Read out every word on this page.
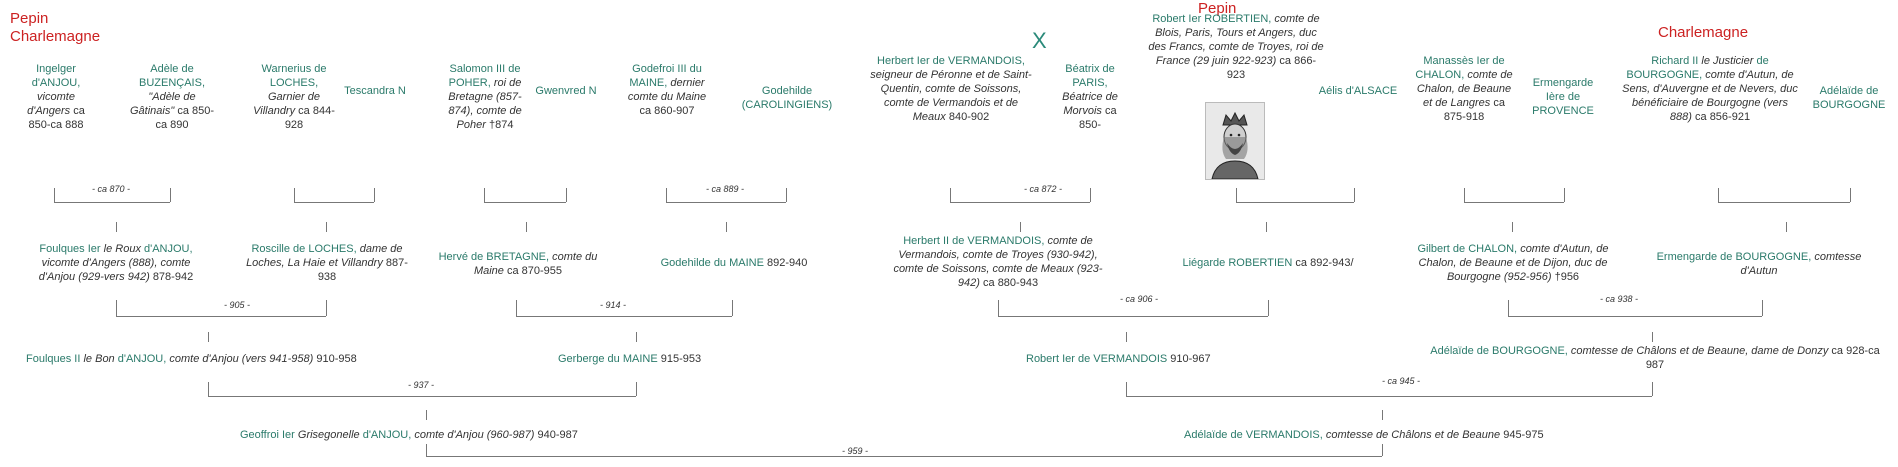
Pepin
Charlemagne	X
Pepin
Charlemagne
Ingelger d'ANJOU, vicomte d'Angers ca 850-ca 888
Adèle de BUZENÇAIS, "Adèle de Gâtinais" ca 850-ca 890
Warnerius de LOCHES, Garnier de Villandry ca 844-928
Tescandra N
Salomon III de POHER, roi de Bretagne (857-874), comte de Poher †874
Gwenvred N
Godefroi III du MAINE, dernier comte du Maine ca 860-907
Godehilde (CAROLINGIENS)
Herbert Ier de VERMANDOIS, seigneur de Péronne et de Saint-Quentin, comte de Soissons, comte de Vermandois et de Meaux 840-902
Béatrix de PARIS, Béatrice de Morvois ca 850-
Robert Ier ROBERTIEN, comte de Blois, Paris, Tours et Angers, duc des Francs, comte de Troyes, roi de France (29 juin 922-923) ca 866-923
Aélis d'ALSACE
Manassès Ier de CHALON, comte de Chalon, de Beaune et de Langres ca 875-918
Ermengarde Ière de PROVENCE
Richard II le Justicier de BOURGOGNE, comte d'Autun, de Sens, d'Auvergne et de Nevers, duc bénéficiaire de Bourgogne (vers 888) ca 856-921
Adélaïde de BOURGOGNE
- ca 870 -	- ca 889 -	- ca 872 -
Foulques Ier le Roux d'ANJOU, vicomte d'Angers (888), comte d'Anjou (929-vers 942) 878-942
Roscille de LOCHES, dame de Loches, La Haie et Villandry 887-938
Hervé de BRETAGNE, comte du Maine ca 870-955
Godehilde du MAINE 892-940
Herbert II de VERMANDOIS, comte de Vermandois, comte de Troyes (930-942), comte de Soissons, comte de Meaux (923-942) ca 880-943
Liégarde ROBERTIEN ca 892-943/
Gilbert de CHALON, comte d'Autun, de Chalon, de Beaune et de Dijon, duc de Bourgogne (952-956) †956
Ermengarde de BOURGOGNE, comtesse d'Autun
- 905 -	- 914 -
- ca 906 -	- ca 938 -
Foulques II le Bon d'ANJOU, comte d'Anjou (vers 941-958) 910-958	Gerberge du MAINE 915-953	Robert Ier de VERMANDOIS 910-967
Adélaïde de BOURGOGNE, comtesse de Châlons et de Beaune, dame de Donzy ca 928-ca 987
- 937 -	- ca 945 -
Geoffroi Ier Grisegonelle d'ANJOU, comte d'Anjou (960-987) 940-987	Adélaïde de VERMANDOIS, comtesse de Châlons et de Beaune 945-975
- 959 -
